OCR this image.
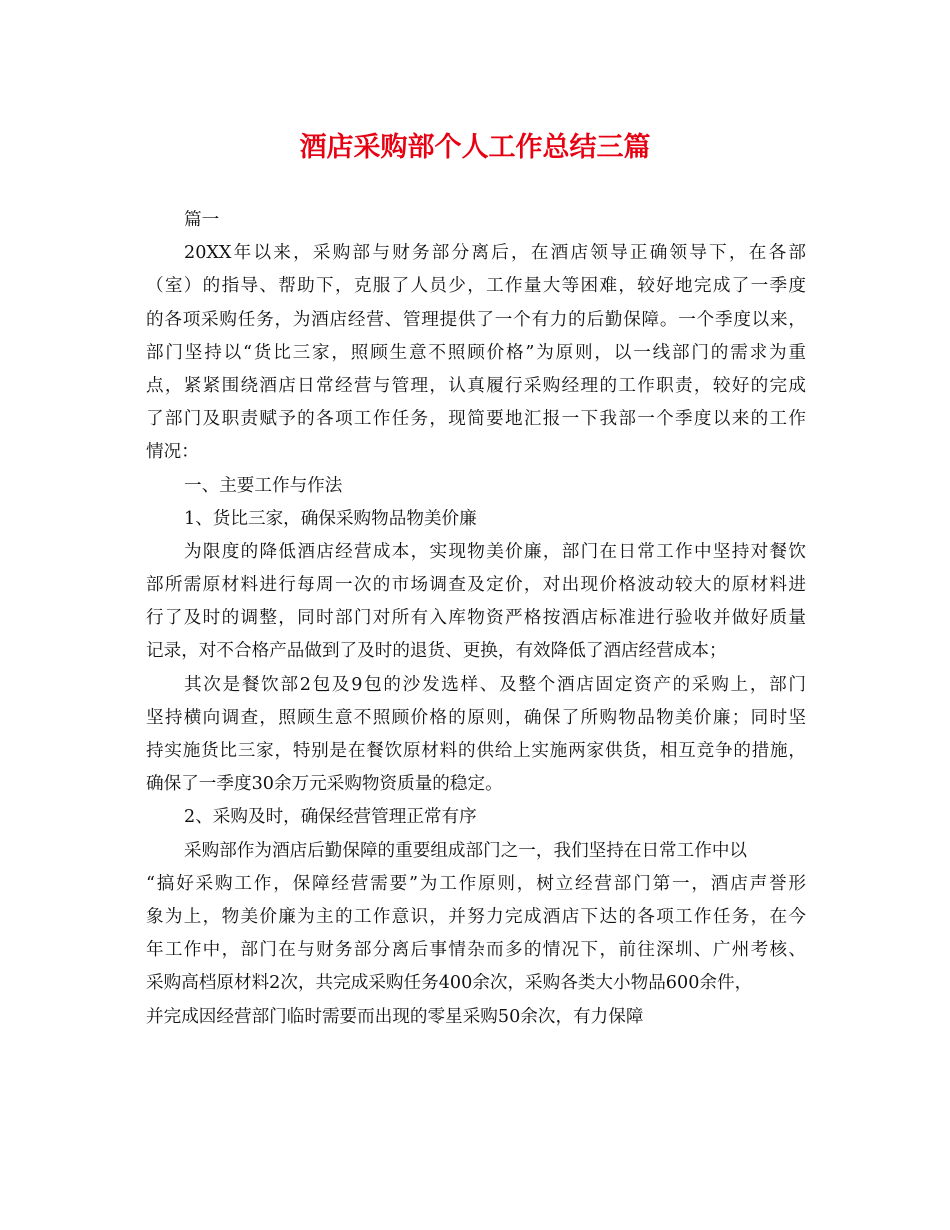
酒店采购部个人工作总结三篇
篇一
20XX年以来，采购部与财务部分离后，在酒店领导正确领导下，在各部
（室）的指导、帮助下，克服了人员少，工作量大等困难，较好地完成了一季度
的各项采购任务，为酒店经营、管理提供了一个有力的后勤保障。一个季度以来，
部门坚持以“货比三家，照顾生意不照顾价格”为原则，以一线部门的需求为重
点，紧紧围绕酒店日常经营与管理，认真履行采购经理的工作职责，较好的完成
了部门及职责赋予的各项工作任务，现简要地汇报一下我部一个季度以来的工作
情况：
一、主要工作与作法
1、货比三家，确保采购物品物美价廉
为限度的降低酒店经营成本，实现物美价廉，部门在日常工作中坚持对餐饮
部所需原材料进行每周一次的市场调查及定价，对出现价格波动较大的原材料进
行了及时的调整，同时部门对所有入库物资严格按酒店标准进行验收并做好质量
记录，对不合格产品做到了及时的退货、更换，有效降低了酒店经营成本；
其次是餐饮部2包及9包的沙发选样、及整个酒店固定资产的采购上，部门
坚持横向调查，照顾生意不照顾价格的原则，确保了所购物品物美价廉；同时坚
持实施货比三家，特别是在餐饮原材料的供给上实施两家供货，相互竞争的措施，
确保了一季度30余万元采购物资质量的稳定。
2、采购及时，确保经营管理正常有序
采购部作为酒店后勤保障的重要组成部门之一，我们坚持在日常工作中以
“搞好采购工作，保障经营需要”为工作原则，树立经营部门第一，酒店声誉形
象为上，物美价廉为主的工作意识，并努力完成酒店下达的各项工作任务，在今
年工作中，部门在与财务部分离后事情杂而多的情况下，前往深圳、广州考核、
采购高档原材料2次，共完成采购任务400余次，采购各类大小物品600余件，
并完成因经营部门临时需要而出现的零星采购50余次，有力保障
